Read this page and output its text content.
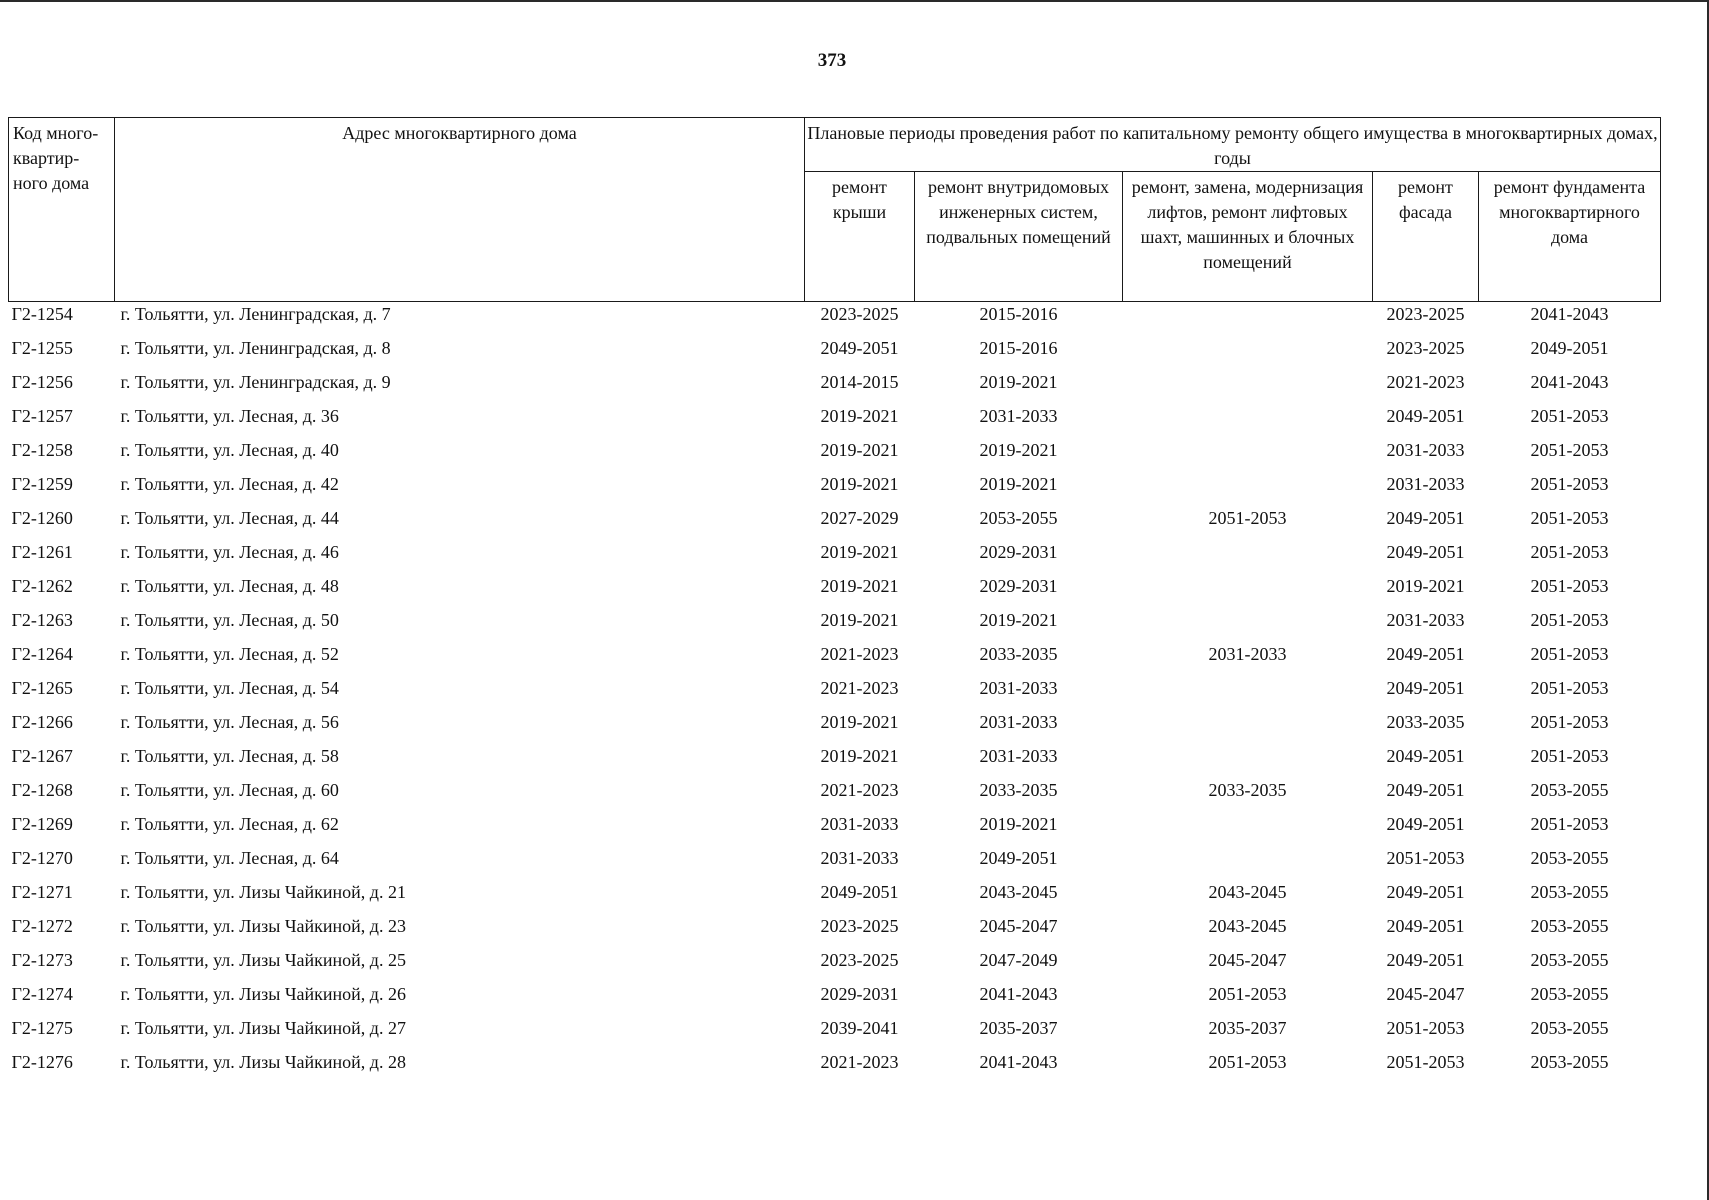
373
Код много-квартир-ного дома	Адрес многоквартирного дома	Плановые периоды проведения работ по капитальному ремонту общего имущества в многоквартирных домах, годы				
		ремонт крыши	ремонт внутридомовых инженерных систем, подвальных помещений	ремонт, замена, модернизация лифтов, ремонт лифтовых шахт, машинных и блочных помещений	ремонт фасада	ремонт фундамента многоквартирного дома
Г2-1254	г. Тольятти, ул. Ленинградская, д. 7	2023-2025	2015-2016		2023-2025	2041-2043
Г2-1255	г. Тольятти, ул. Ленинградская, д. 8	2049-2051	2015-2016		2023-2025	2049-2051
Г2-1256	г. Тольятти, ул. Ленинградская, д. 9	2014-2015	2019-2021		2021-2023	2041-2043
Г2-1257	г. Тольятти, ул. Лесная, д. 36	2019-2021	2031-2033		2049-2051	2051-2053
Г2-1258	г. Тольятти, ул. Лесная, д. 40	2019-2021	2019-2021		2031-2033	2051-2053
Г2-1259	г. Тольятти, ул. Лесная, д. 42	2019-2021	2019-2021		2031-2033	2051-2053
Г2-1260	г. Тольятти, ул. Лесная, д. 44	2027-2029	2053-2055	2051-2053	2049-2051	2051-2053
Г2-1261	г. Тольятти, ул. Лесная, д. 46	2019-2021	2029-2031		2049-2051	2051-2053
Г2-1262	г. Тольятти, ул. Лесная, д. 48	2019-2021	2029-2031		2019-2021	2051-2053
Г2-1263	г. Тольятти, ул. Лесная, д. 50	2019-2021	2019-2021		2031-2033	2051-2053
Г2-1264	г. Тольятти, ул. Лесная, д. 52	2021-2023	2033-2035	2031-2033	2049-2051	2051-2053
Г2-1265	г. Тольятти, ул. Лесная, д. 54	2021-2023	2031-2033		2049-2051	2051-2053
Г2-1266	г. Тольятти, ул. Лесная, д. 56	2019-2021	2031-2033		2033-2035	2051-2053
Г2-1267	г. Тольятти, ул. Лесная, д. 58	2019-2021	2031-2033		2049-2051	2051-2053
Г2-1268	г. Тольятти, ул. Лесная, д. 60	2021-2023	2033-2035	2033-2035	2049-2051	2053-2055
Г2-1269	г. Тольятти, ул. Лесная, д. 62	2031-2033	2019-2021		2049-2051	2051-2053
Г2-1270	г. Тольятти, ул. Лесная, д. 64	2031-2033	2049-2051		2051-2053	2053-2055
Г2-1271	г. Тольятти, ул. Лизы Чайкиной, д. 21	2049-2051	2043-2045	2043-2045	2049-2051	2053-2055
Г2-1272	г. Тольятти, ул. Лизы Чайкиной, д. 23	2023-2025	2045-2047	2043-2045	2049-2051	2053-2055
Г2-1273	г. Тольятти, ул. Лизы Чайкиной, д. 25	2023-2025	2047-2049	2045-2047	2049-2051	2053-2055
Г2-1274	г. Тольятти, ул. Лизы Чайкиной, д. 26	2029-2031	2041-2043	2051-2053	2045-2047	2053-2055
Г2-1275	г. Тольятти, ул. Лизы Чайкиной, д. 27	2039-2041	2035-2037	2035-2037	2051-2053	2053-2055
Г2-1276	г. Тольятти, ул. Лизы Чайкиной, д. 28	2021-2023	2041-2043	2051-2053	2051-2053	2053-2055
